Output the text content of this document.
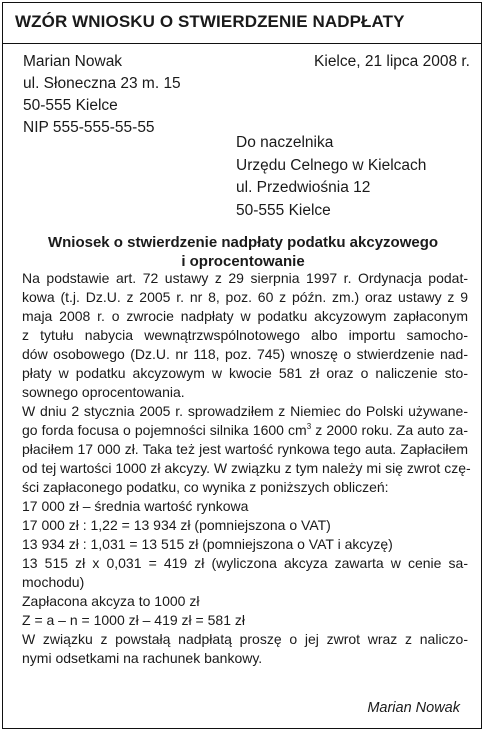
WZÓR WNIOSKU O STWIERDZENIE NADPŁATY
Marian Nowak
ul. Słoneczna 23 m. 15
50-555 Kielce
NIP 555-555-55-55
Kielce, 21 lipca 2008 r.
Do naczelnika
Urzędu Celnego w Kielcach
ul. Przedwiośnia 12
50-555 Kielce
Wniosek o stwierdzenie nadpłaty podatku akcyzowego
i oprocentowanie
Na podstawie art. 72 ustawy z 29 sierpnia 1997 r. Ordynacja podat-
kowa (t.j. Dz.U. z 2005 r. nr 8, poz. 60 z późn. zm.) oraz ustawy z 9
maja 2008 r. o zwrocie nadpłaty w podatku akcyzowym zapłaconym
z tytułu nabycia wewnątrzwspólnotowego albo importu samocho-
dów osobowego (Dz.U. nr 118, poz. 745) wnoszę o stwierdzenie nad-
płaty w podatku akcyzowym w kwocie 581 zł oraz o naliczenie sto-
sownego oprocentowania.
W dniu 2 stycznia 2005 r. sprowadziłem z Niemiec do Polski używane-
go forda focusa o pojemności silnika 1600 $cm^3$ z 2000 roku. Za auto za-
płaciłem 17 000 zł. Taka też jest wartość rynkowa tego auta. Zapłaciłem
od tej wartości 1000 zł akcyzy. W związku z tym należy mi się zwrot czę-
ści zapłaconego podatku, co wynika z poniższych obliczeń:
17 000 zł – średnia wartość rynkowa
17 000 zł : 1,22 = 13 934 zł (pomniejszona o VAT)
13 934 zł : 1,031 = 13 515 zł (pomniejszona o VAT i akcyzę)
13 515 zł x 0,031 = 419 zł (wyliczona akcyza zawarta w cenie sa-
mochodu)
Zapłacona akcyza to 1000 zł
Z = a – n = 1000 zł – 419 zł = 581 zł
W związku z powstałą nadpłatą proszę o jej zwrot wraz z naliczo-
nymi odsetkami na rachunek bankowy.
Marian Nowak
